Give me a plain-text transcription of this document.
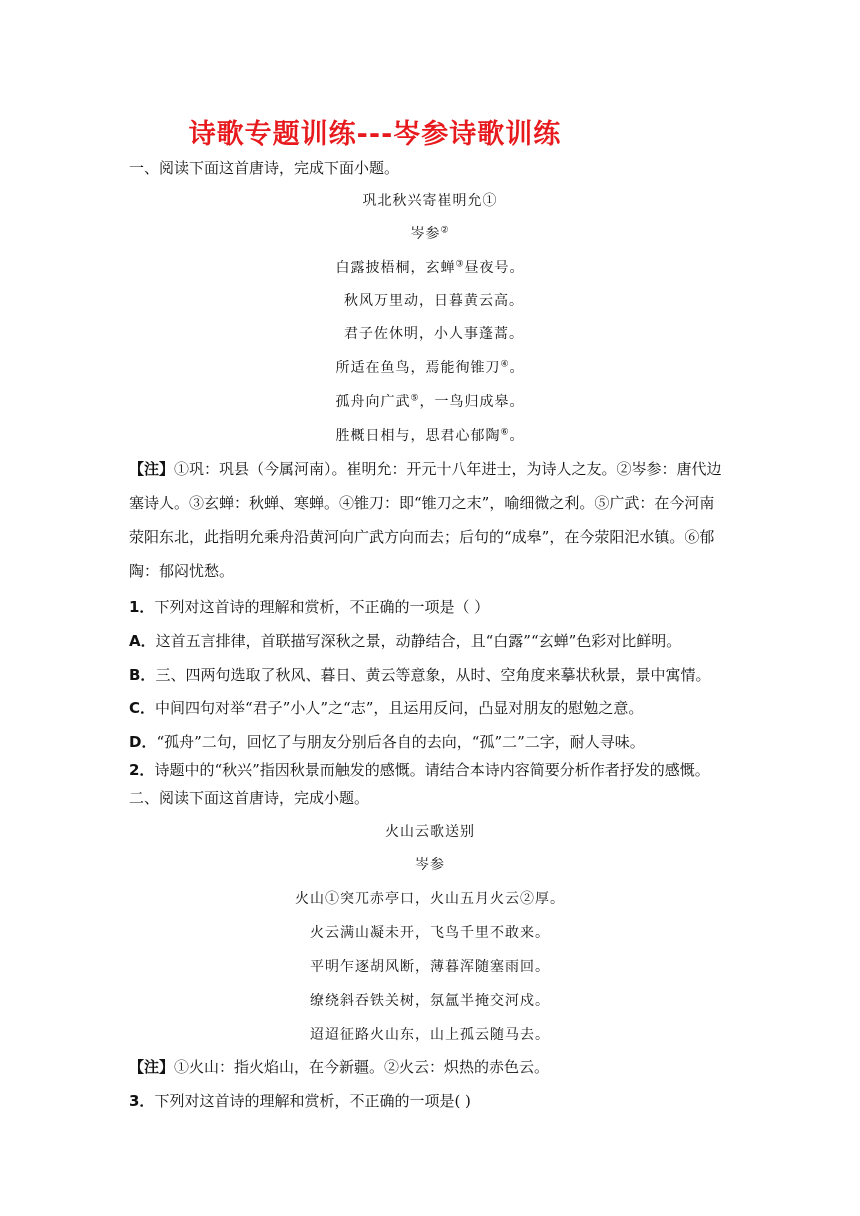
诗歌专题训练---岑参诗歌训练
一、阅读下面这首唐诗，完成下面小题。
巩北秋兴寄崔明允①
岑参②
白露披梧桐，玄蝉③昼夜号。
秋风万里动，日暮黄云高。
君子佐休明，小人事蓬蒿。
所适在鱼鸟，焉能徇锥刀④。
孤舟向广武⑤，一鸟归成皋。
胜概日相与，思君心郁陶⑥。
【注】①巩：巩县（今属河南）。崔明允：开元十八年进士，为诗人之友。②岑参：唐代边塞诗人。③玄蝉：秋蝉、寒蝉。④锥刀：即“锥刀之末”，喻细微之利。⑤广武：在今河南荥阳东北，此指明允乘舟沿黄河向广武方向而去；后句的“成皋”，在今荥阳汜水镇。⑥郁陶：郁闷忧愁。
1．下列对这首诗的理解和赏析，不正确的一项是（ ）
A．这首五言排律，首联描写深秋之景，动静结合，且“白露”“玄蝉”色彩对比鲜明。
B．三、四两句选取了秋风、暮日、黄云等意象，从时、空角度来摹状秋景，景中寓情。
C．中间四句对举“君子”小人”之“志”，且运用反问，凸显对朋友的慰勉之意。
D．“孤舟”二句，回忆了与朋友分别后各自的去向，“孤”二”二字，耐人寻味。
2．诗题中的“秋兴”指因秋景而触发的感慨。请结合本诗内容简要分析作者抒发的感慨。
二、阅读下面这首唐诗，完成小题。
火山云歌送别
岑参
火山①突兀赤亭口，火山五月火云②厚。
火云满山凝未开，飞鸟千里不敢来。
平明乍逐胡风断，薄暮浑随塞雨回。
缭绕斜吞铁关树，氛氲半掩交河戍。
迢迢征路火山东，山上孤云随马去。
【注】①火山：指火焰山，在今新疆。②火云：炽热的赤色云。
3．下列对这首诗的理解和赏析，不正确的一项是( )
